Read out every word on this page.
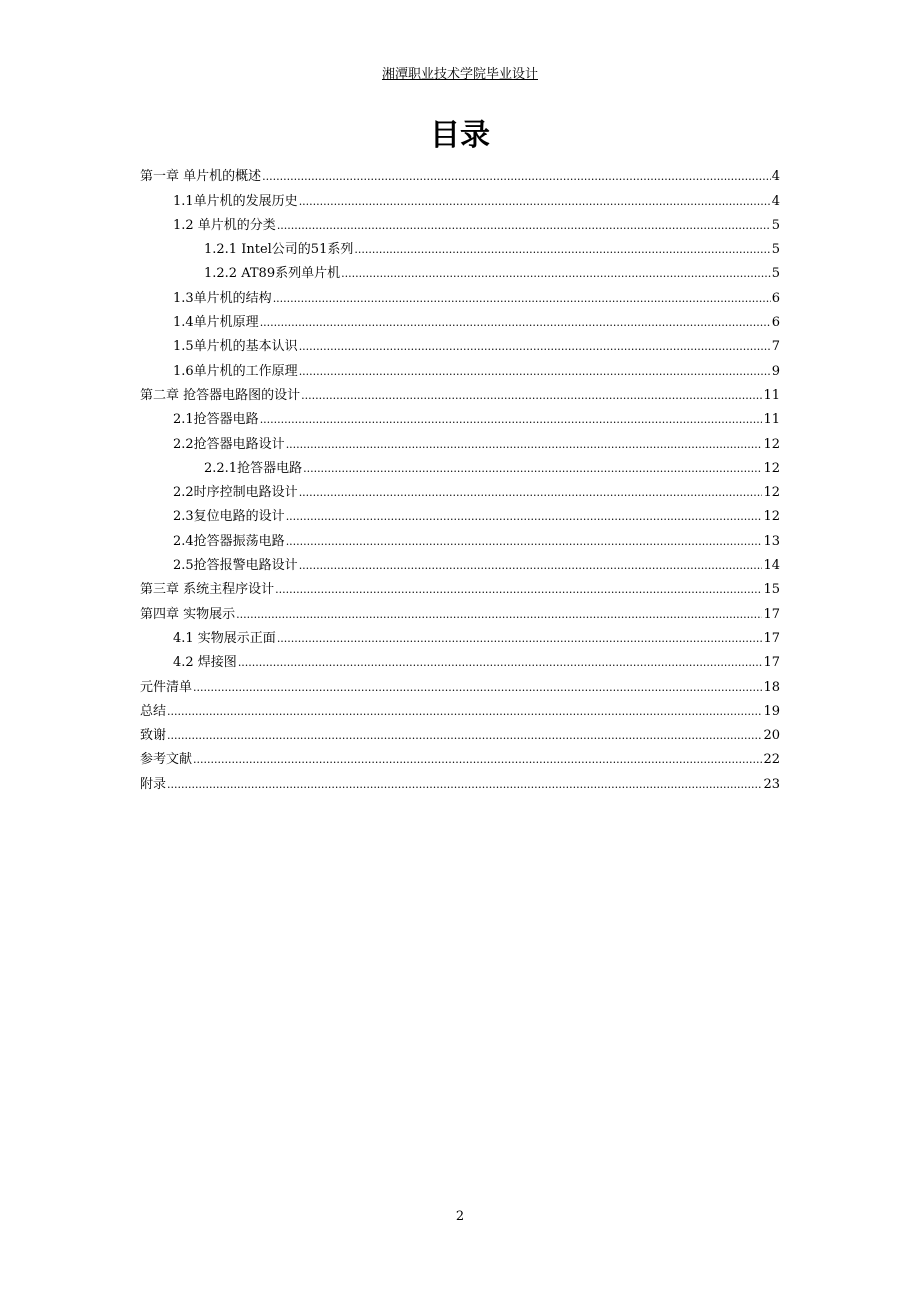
湘潭职业技术学院毕业设计
目录
第一章 单片机的概述 .....	4
1.1单片机的发展历史 .....	4
1.2 单片机的分类 .....	5
1.2.1 Intel公司的51系列 .....	5
1.2.2 AT89系列单片机 .....	5
1.3单片机的结构 .....	6
1.4单片机原理 .....	6
1.5单片机的基本认识 .....	7
1.6单片机的工作原理 .....	9
第二章 抢答器电路图的设计 .....	11
2.1抢答器电路 .....	11
2.2抢答器电路设计 .....	12
2.2.1抢答器电路 .....	12
2.2时序控制电路设计 .....	12
2.3复位电路的设计 .....	12
2.4抢答器振荡电路 .....	13
2.5抢答报警电路设计 .....	14
第三章 系统主程序设计 .....	15
第四章 实物展示 .....	17
4.1 实物展示正面 .....	17
4.2 焊接图 .....	17
元件清单 .....	18
总结 .....	19
致谢 .....	20
参考文献 .....	22
附录 .....	23
2
